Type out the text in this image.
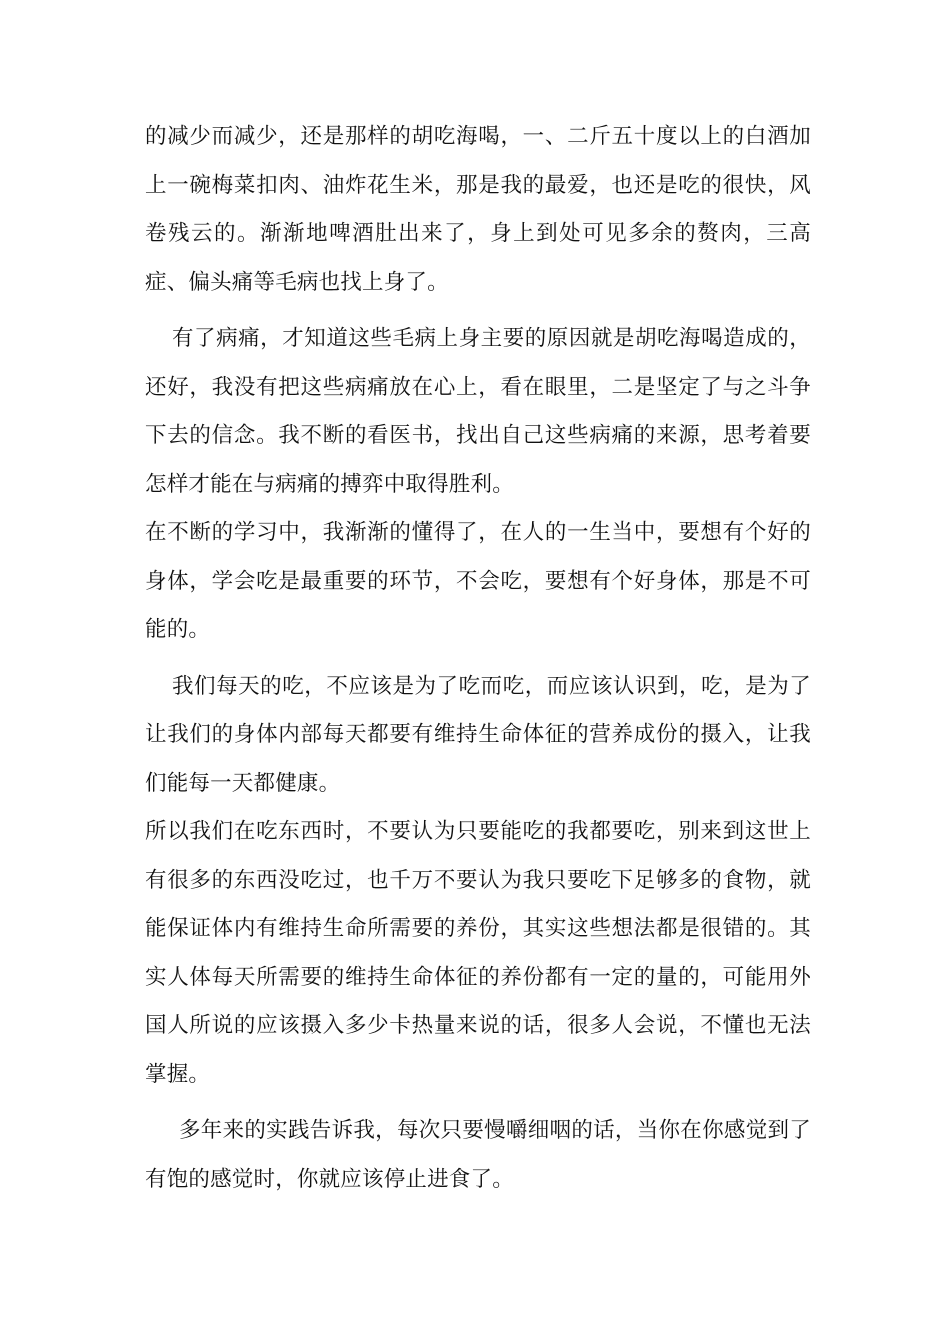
的减少而减少，还是那样的胡吃海喝，一、二斤五十度以上的白酒加上一碗梅菜扣肉、油炸花生米，那是我的最爱，也还是吃的很快，风卷残云的。渐渐地啤酒肚出来了，身上到处可见多余的赘肉，三高症、偏头痛等毛病也找上身了。

有了病痛，才知道这些毛病上身主要的原因就是胡吃海喝造成的，还好，我没有把这些病痛放在心上，看在眼里，二是坚定了与之斗争下去的信念。我不断的看医书，找出自己这些病痛的来源，思考着要怎样才能在与病痛的搏弈中取得胜利。

在不断的学习中，我渐渐的懂得了，在人的一生当中，要想有个好的身体，学会吃是最重要的环节，不会吃，要想有个好身体，那是不可能的。

我们每天的吃，不应该是为了吃而吃，而应该认识到，吃，是为了让我们的身体内部每天都要有维持生命体征的营养成份的摄入，让我们能每一天都健康。

所以我们在吃东西时，不要认为只要能吃的我都要吃，别来到这世上有很多的东西没吃过，也千万不要认为我只要吃下足够多的食物，就能保证体内有维持生命所需要的养份，其实这些想法都是很错的。其实人体每天所需要的维持生命体征的养份都有一定的量的，可能用外国人所说的应该摄入多少卡热量来说的话，很多人会说，不懂也无法掌握。

多年来的实践告诉我，每次只要慢嚼细咽的话，当你在你感觉到了有饱的感觉时，你就应该停止进食了。
